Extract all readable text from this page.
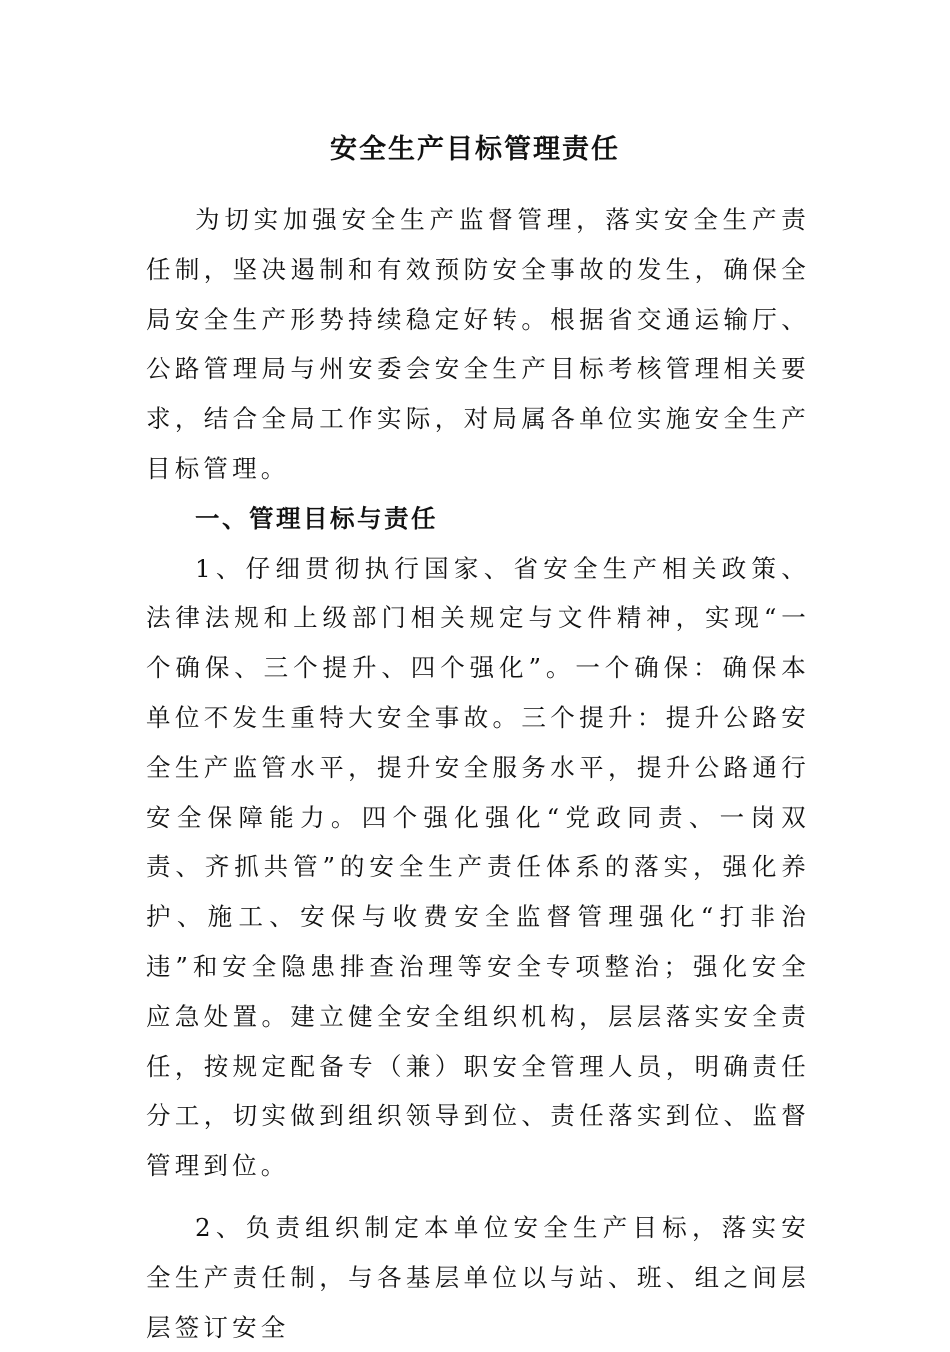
安全生产目标管理责任

为切实加强安全生产监督管理，落实安全生产责任制，坚决遏制和有效预防安全事故的发生，确保全局安全生产形势持续稳定好转。根据省交通运输厅、公路管理局与州安委会安全生产目标考核管理相关要求，结合全局工作实际，对局属各单位实施安全生产目标管理。

一、管理目标与责任

1、仔细贯彻执行国家、省安全生产相关政策、法律法规和上级部门相关规定与文件精神，实现“一个确保、三个提升、四个强化”。一个确保：确保本单位不发生重特大安全事故。三个提升：提升公路安全生产监管水平，提升安全服务水平，提升公路通行安全保障能力。四个强化强化“党政同责、一岗双责、齐抓共管”的安全生产责任体系的落实，强化养护、施工、安保与收费安全监督管理强化“打非治违”和安全隐患排查治理等安全专项整治；强化安全应急处置。建立健全安全组织机构，层层落实安全责任，按规定配备专（兼）职安全管理人员，明确责任分工，切实做到组织领导到位、责任落实到位、监督管理到位。

2、负责组织制定本单位安全生产目标，落实安全生产责任制，与各基层单位以与站、班、组之间层层签订安全
